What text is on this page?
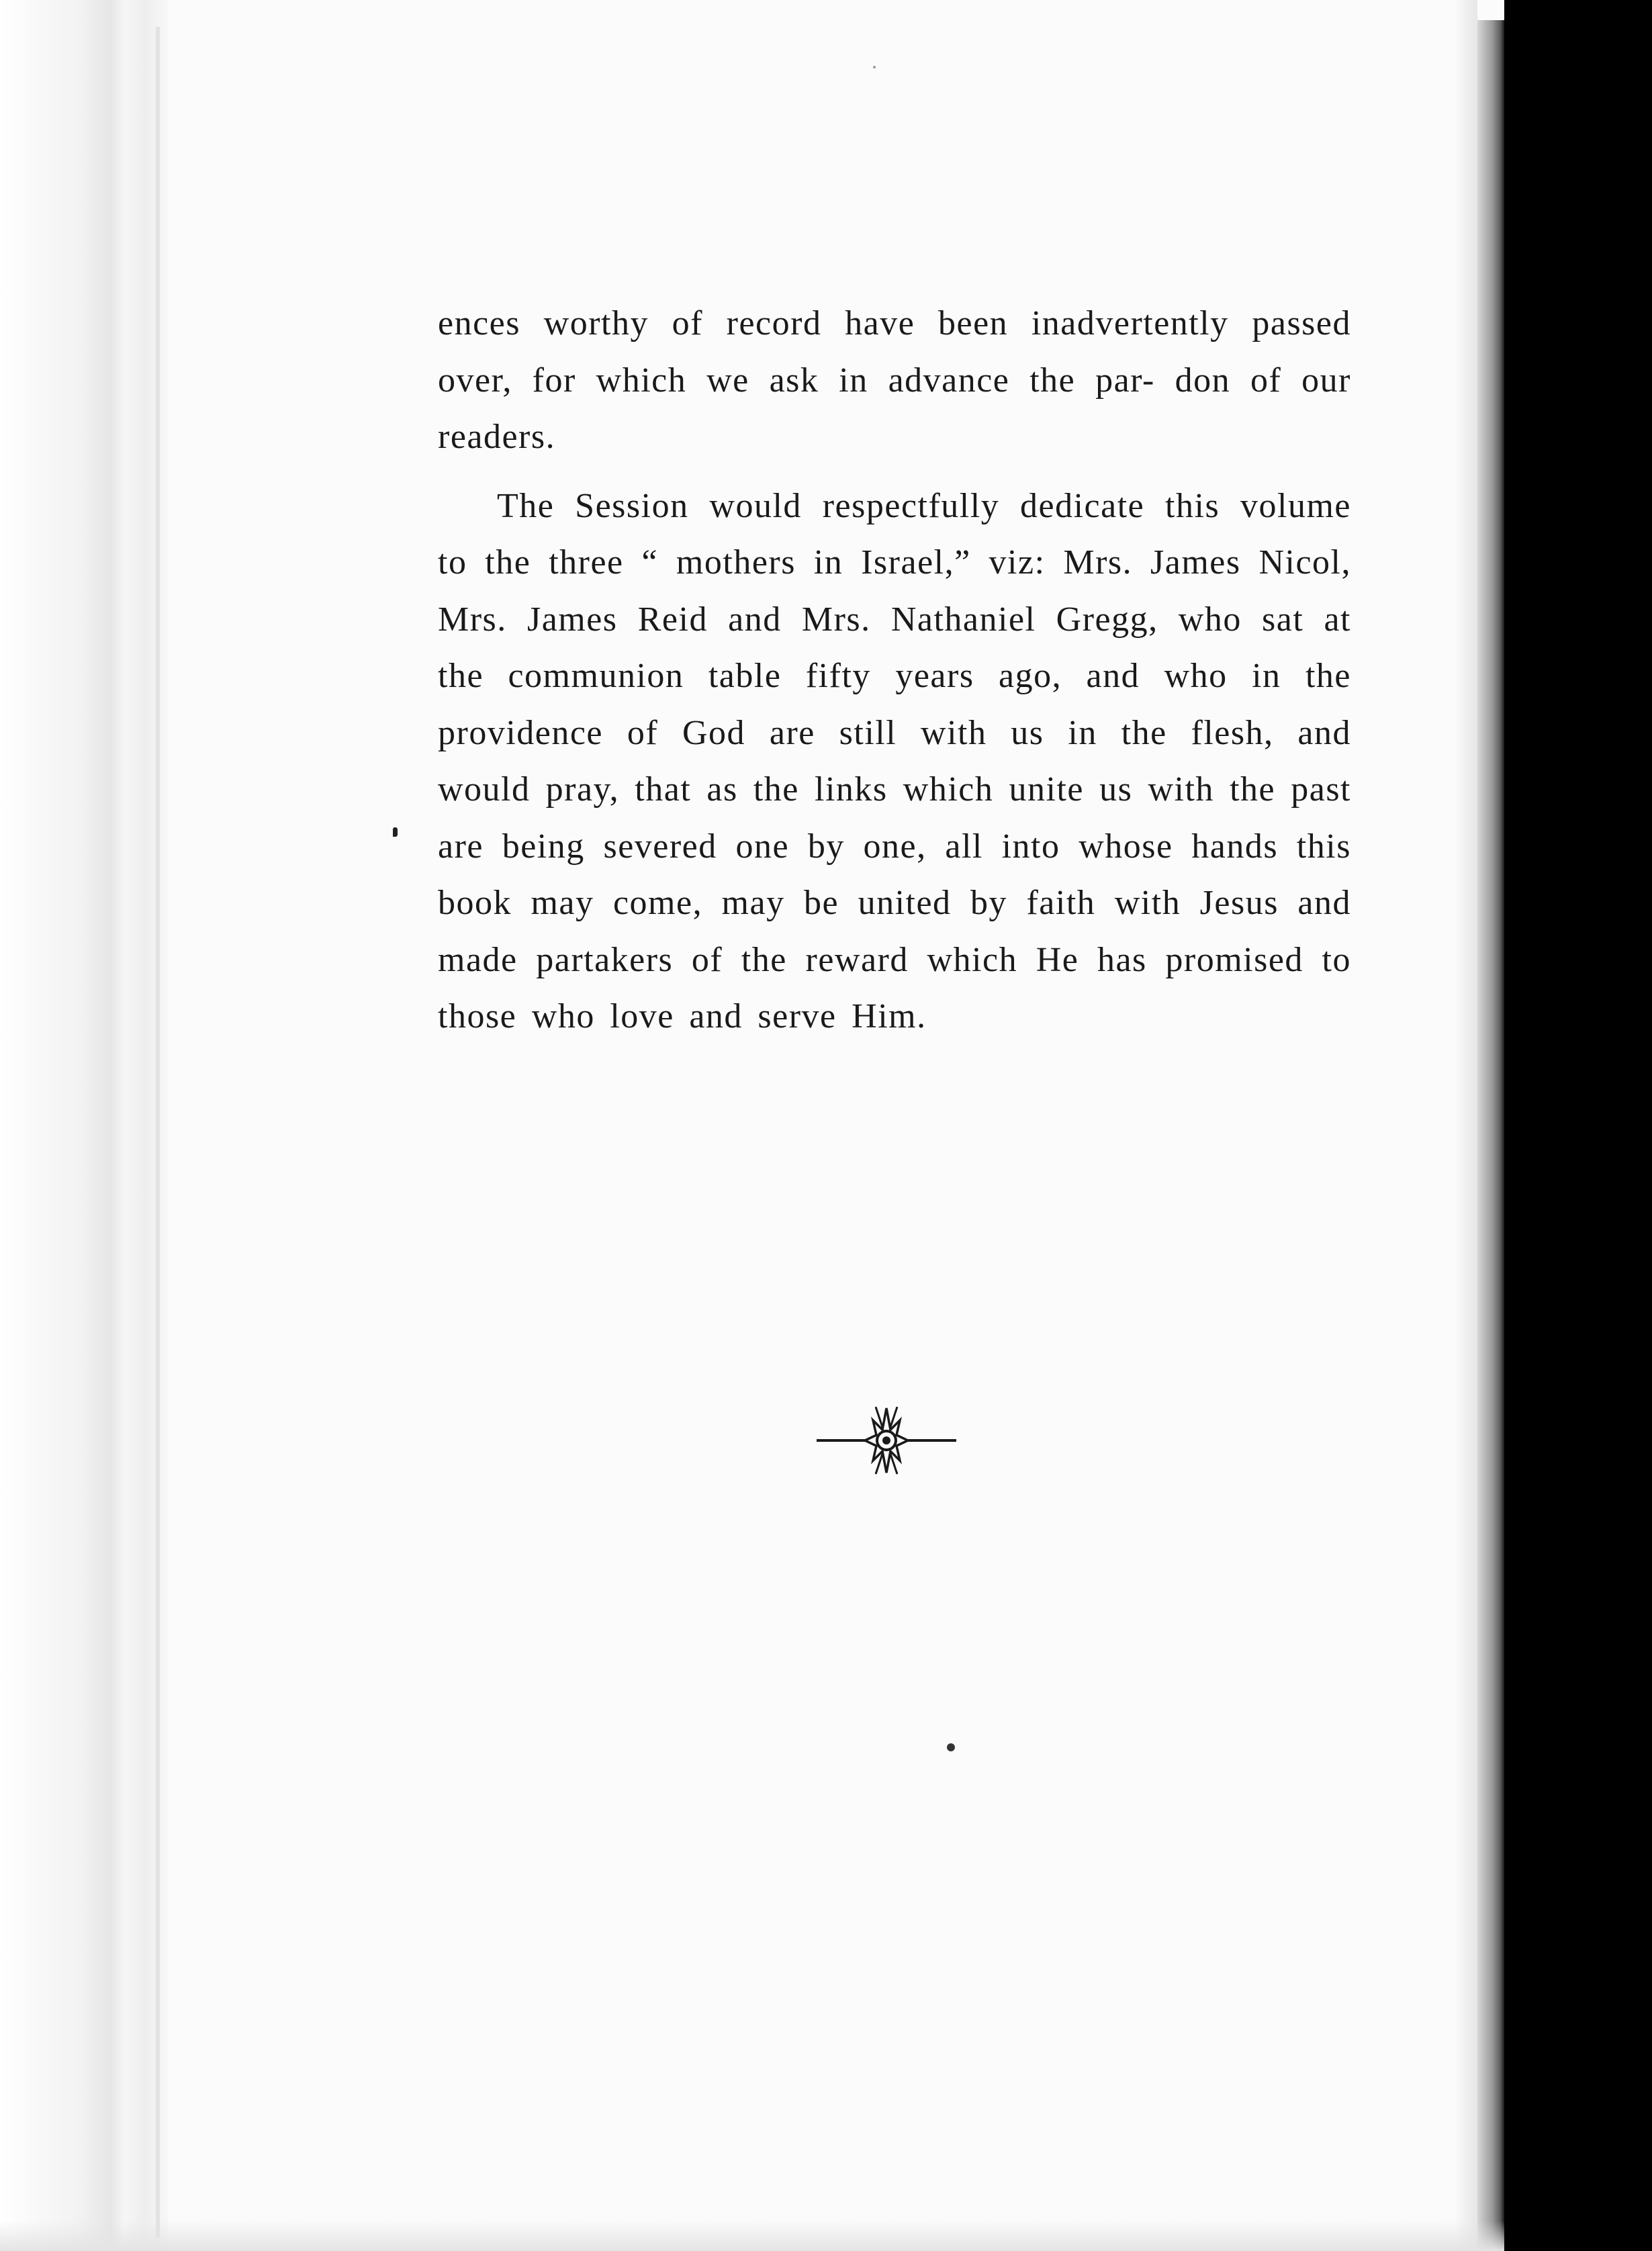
ences worthy of record have been inadvertently passed over, for which we ask in advance the par- don of our readers.

The Session would respectfully dedicate this volume to the three “ mothers in Israel,” viz: Mrs. James Nicol, Mrs. James Reid and Mrs. Nathaniel Gregg, who sat at the communion table fifty years ago, and who in the providence of God are still with us in the flesh, and would pray, that as the links which unite us with the past are being severed one by one, all into whose hands this book may come, may be united by faith with Jesus and made partakers of the reward which He has promised to those who love and serve Him.
